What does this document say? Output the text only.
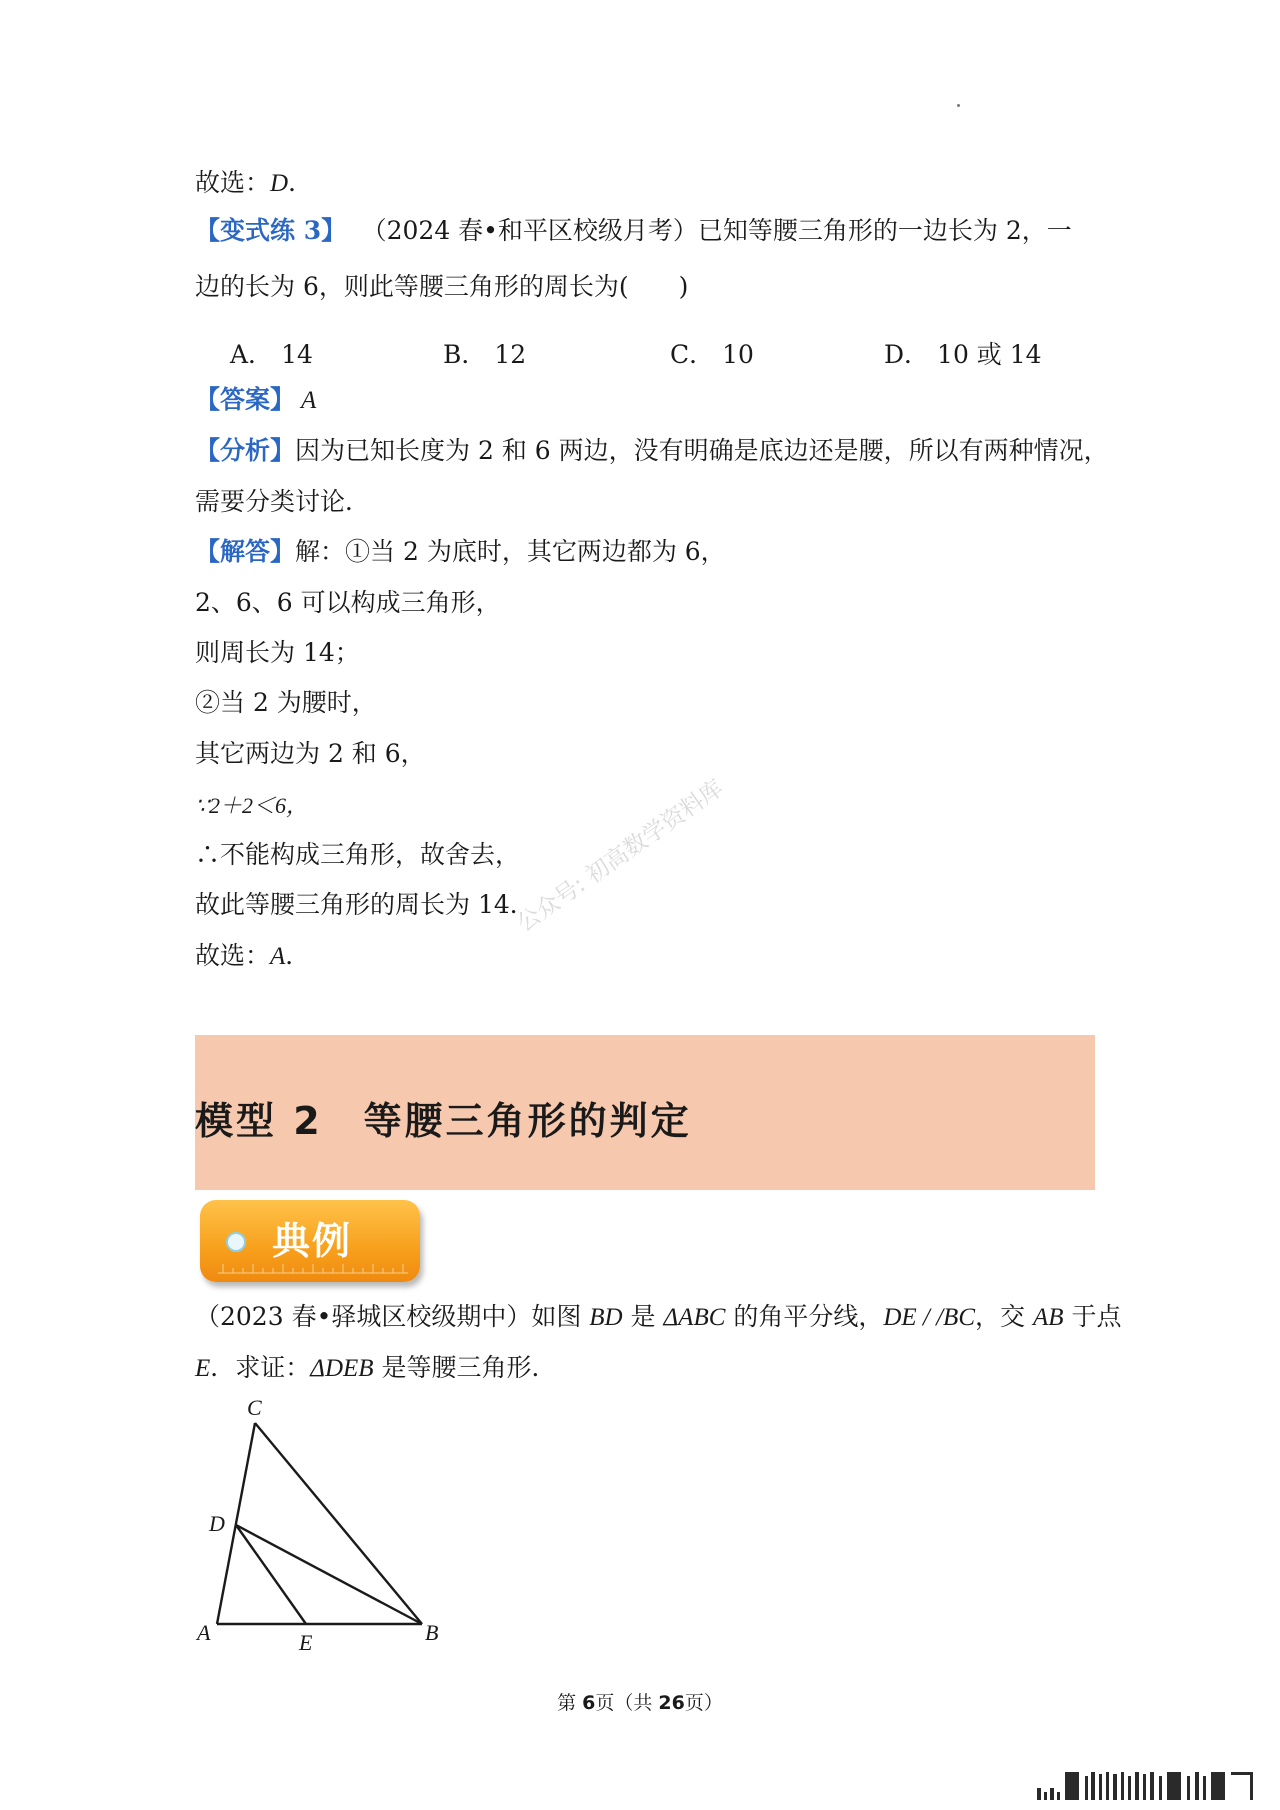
故选：D．
【变式练 3】 （2024 春•和平区校级月考）已知等腰三角形的一边长为 2，一
边的长为 6，则此等腰三角形的周长为(　　)
A． 14	B． 12	C． 10	D． 10 或 14
【答案】 A
【分析】因为已知长度为 2 和 6 两边，没有明确是底边还是腰，所以有两种情况，
需要分类讨论．
【解答】解：①当 2 为底时，其它两边都为 6，
2、6、6 可以构成三角形，
则周长为 14；
②当 2 为腰时，
其它两边为 2 和 6，
∵2＋2＜6，
∴不能构成三角形，故舍去，
故此等腰三角形的周长为 14．
故选：A．
公众号: 初高数学资料库
模型 2　等腰三角形的判定
典例
（2023 春•驿城区校级期中）如图 BD 是 ΔABC 的角平分线，DE / /BC，交 AB 于点
E．求证：ΔDEB 是等腰三角形．
C
D
A	E	B
第 6页（共 26页）
